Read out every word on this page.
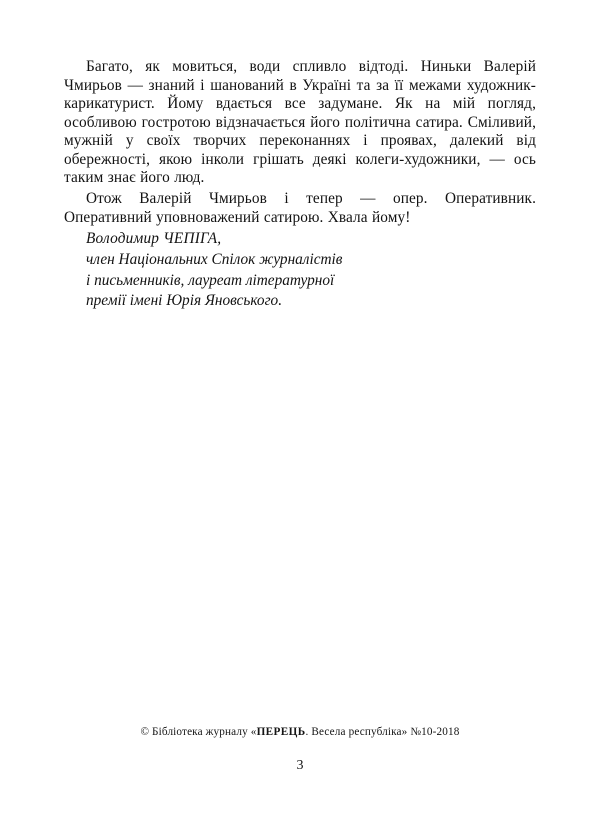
Багато, як мовиться, води спливло відтоді. Ниньки Валерій Чмирьов — знаний і шанований в Україні та за її межами художник-карикатурист. Йому вдається все задумане. Як на мій погляд, особливою гостротою відзначається його політична сатира. Сміливий, мужній у своїх творчих переконаннях і проявах, далекий від обережності, якою інколи грішать деякі колеги-художники, — ось таким знає його люд.

Отож Валерій Чмирьов і тепер — опер. Оперативник. Оперативний уповноважений сатирою. Хвала йому!

Володимир ЧЕПІГА,

член Національних Спілок журналістів

і письменників, лауреат літературної

премії імені Юрія Яновського.

© Бібліотека журналу «ПЕРЕЦЬ. Весела республіка» №10-2018
3
